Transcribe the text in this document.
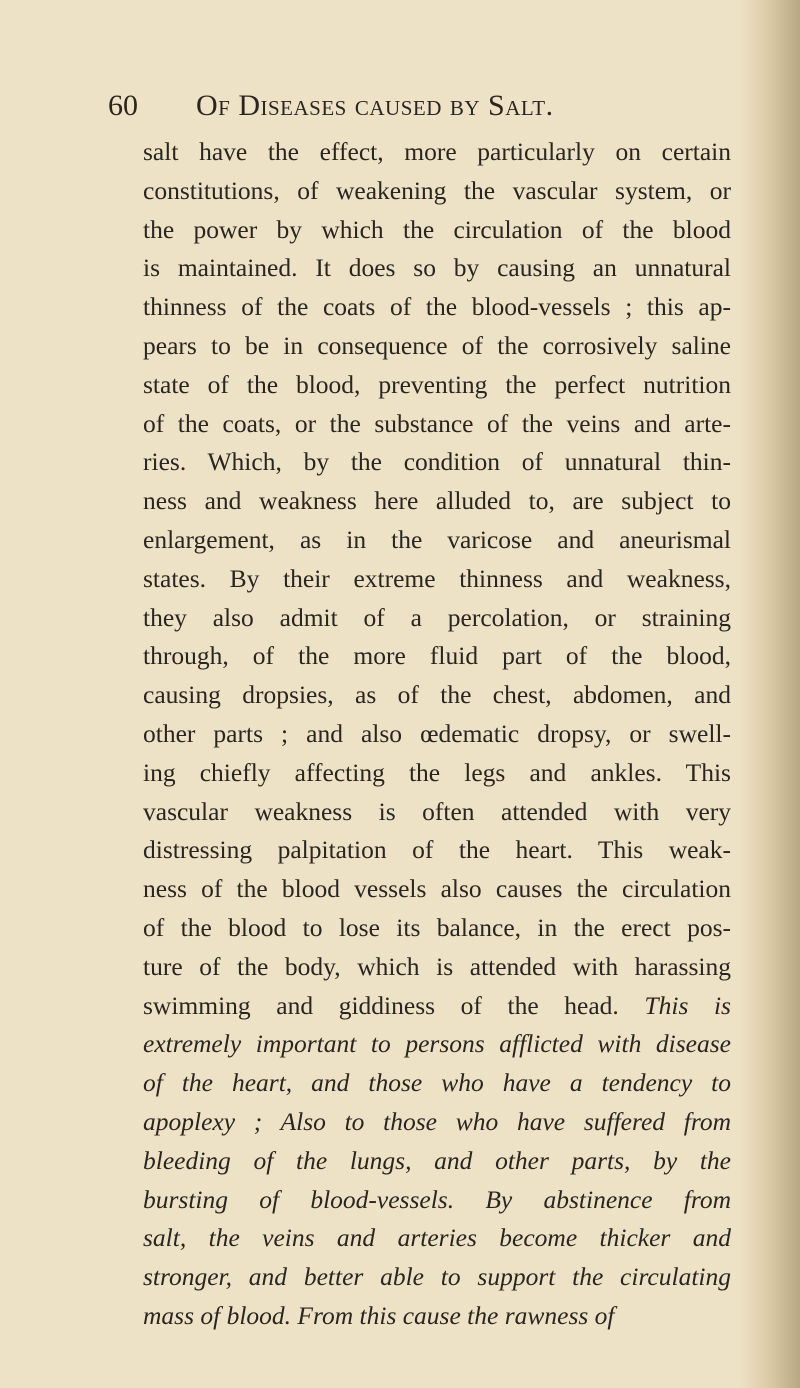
60 Of Diseases caused by Salt.
salt have the effect, more particularly on certain
constitutions, of weakening the vascular system, or
the power by which the circulation of the blood
is maintained. It does so by causing an unnatural
thinness of the coats of the blood-vessels ; this ap-
pears to be in consequence of the corrosively saline
state of the blood, preventing the perfect nutrition
of the coats, or the substance of the veins and arte-
ries. Which, by the condition of unnatural thin-
ness and weakness here alluded to, are subject to
enlargement, as in the varicose and aneurismal
states. By their extreme thinness and weakness,
they also admit of a percolation, or straining
through, of the more fluid part of the blood,
causing dropsies, as of the chest, abdomen, and
other parts ; and also œdematic dropsy, or swell-
ing chiefly affecting the legs and ankles. This
vascular weakness is often attended with very
distressing palpitation of the heart. This weak-
ness of the blood vessels also causes the circulation
of the blood to lose its balance, in the erect pos-
ture of the body, which is attended with harassing
swimming and giddiness of the head. This is
extremely important to persons afflicted with disease
of the heart, and those who have a tendency to
apoplexy ; Also to those who have suffered from
bleeding of the lungs, and other parts, by the
bursting of blood-vessels. By abstinence from
salt, the veins and arteries become thicker and
stronger, and better able to support the circulating
mass of blood. From this cause the rawness of
